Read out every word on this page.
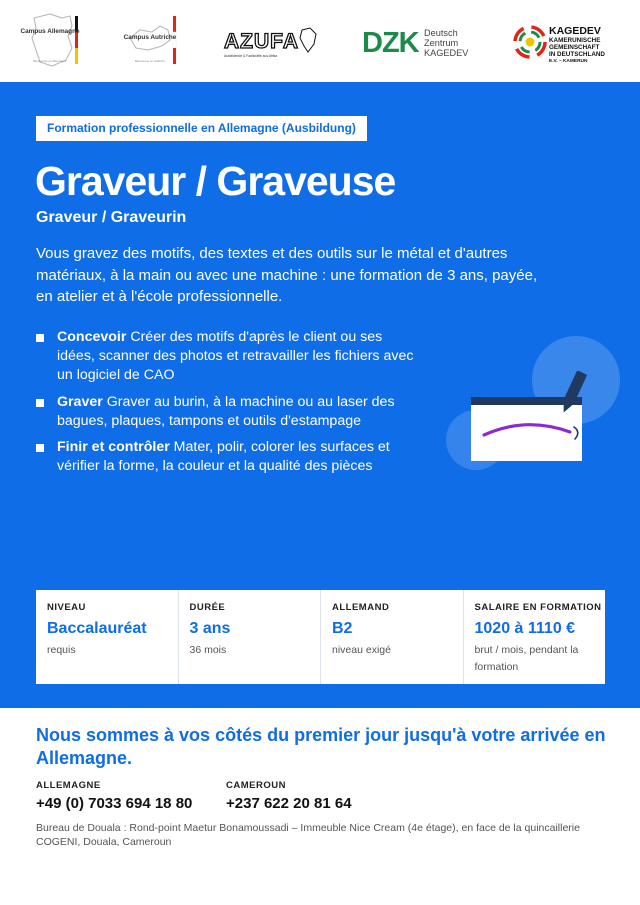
Campus Allemagne
Bienvenue en Allemagne
Campus Autriche
Bienvenue en Autriche
AZUFA
Ausbildende & Fachkräfte aus Afrika	DZK Deutsch
Zentrum
KAGEDEV
KAGEDEV
KAMERUNISCHE
GEMEINSCHAFT
IN DEUTSCHLAND
E.V. – KAMERUN
Formation professionnelle en Allemagne (Ausbildung)
Graveur / Graveuse
Graveur / Graveurin

Vous gravez des motifs, des textes et des outils sur le métal et d'autres matériaux, à la main ou avec une machine : une formation de 3 ans, payée, en atelier et à l'école professionnelle.

Concevoir Créer des motifs d'après le client ou ses idées, scanner des photos et retravailler les fichiers avec un logiciel de CAO
Graver Graver au burin, à la machine ou au laser des bagues, plaques, tampons et outils d'estampage
Finir et contrôler Mater, polir, colorer les surfaces et vérifier la forme, la couleur et la qualité des pièces
NIVEAU
Baccalauréat
requis
DURÉE
3 ans
36 mois
ALLEMAND
B2
niveau exigé
SALAIRE EN FORMATION
1020 à 1110 €
brut / mois, pendant la formation
Nous sommes à vos côtés du premier jour jusqu'à votre arrivée en Allemagne.
ALLEMAGNE
+49 (0) 7033 694 18 80
CAMEROUN
+237 622 20 81 64

Bureau de Douala : Rond-point Maetur Bonamoussadi – Immeuble Nice Cream (4e étage), en face de la quincaillerie COGENI, Douala, Cameroun
